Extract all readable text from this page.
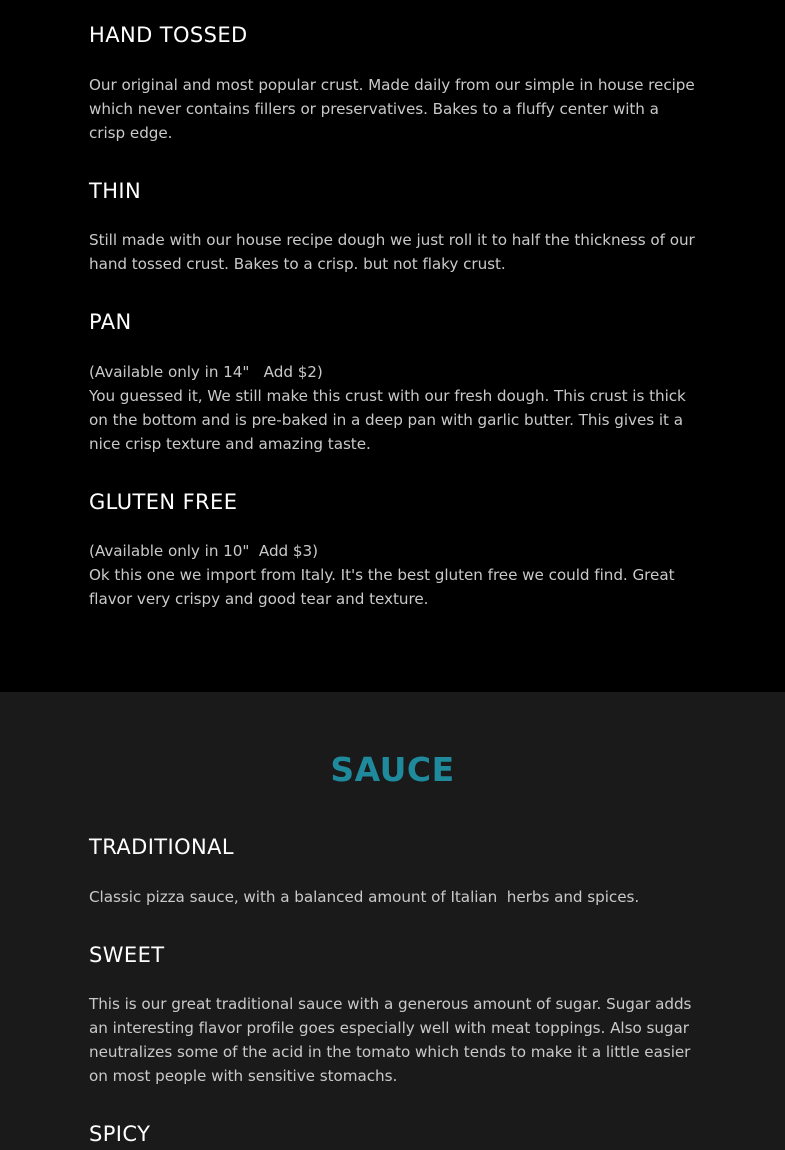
HAND TOSSED

Our original and most popular crust. Made daily from our simple in house recipe which never contains fillers or preservatives. Bakes to a fluffy center with a crisp edge.

THIN

Still made with our house recipe dough we just roll it to half the thickness of our hand tossed crust. Bakes to a crisp. but not flaky crust.

PAN

(Available only in 14"   Add $2)

You guessed it, We still make this crust with our fresh dough. This crust is thick on the bottom and is pre-baked in a deep pan with garlic butter. This gives it a nice crisp texture and amazing taste.

GLUTEN FREE

(Available only in 10"  Add $3)

Ok this one we import from Italy. It's the best gluten free we could find. Great flavor very crispy and good tear and texture.

SAUCE
TRADITIONAL

Classic pizza sauce, with a balanced amount of Italian  herbs and spices.

SWEET

This is our great traditional sauce with a generous amount of sugar. Sugar adds an interesting flavor profile goes especially well with meat toppings. Also sugar neutralizes some of the acid in the tomato which tends to make it a little easier on most people with sensitive stomachs.

SPICY
